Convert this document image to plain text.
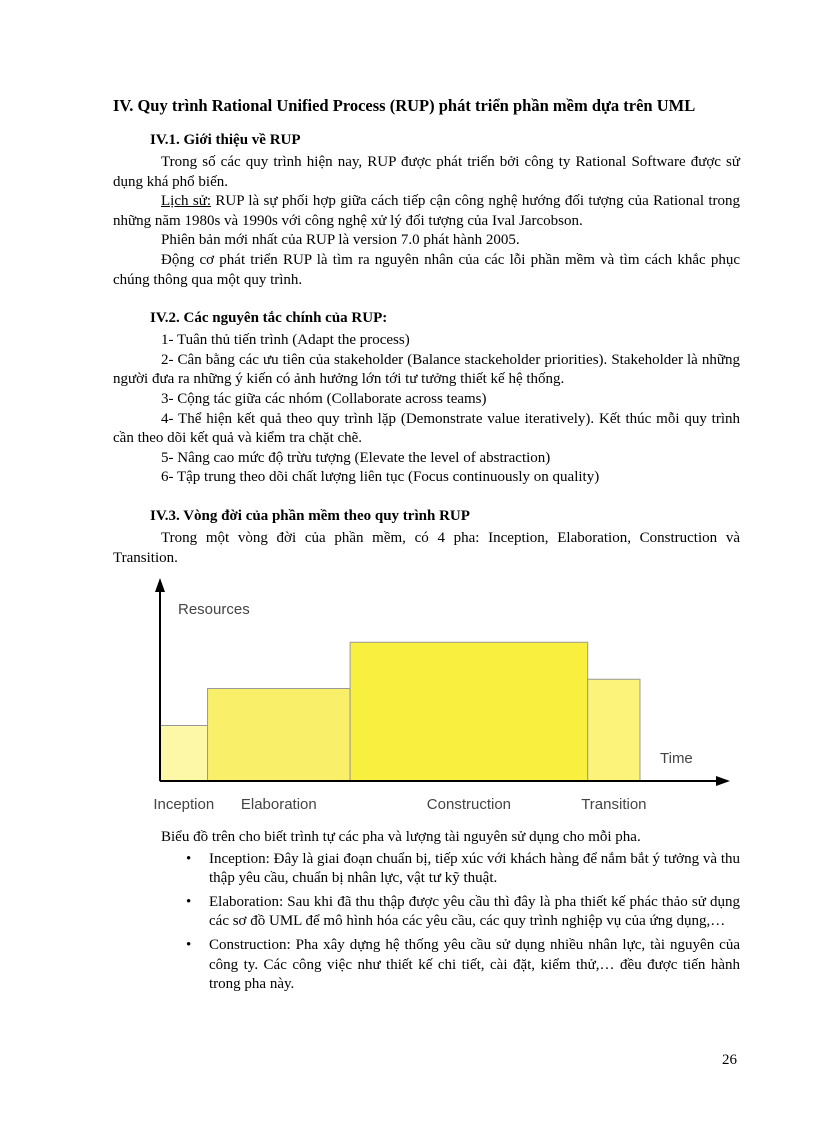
IV. Quy trình Rational Unified Process (RUP) phát triển phần mềm dựa trên UML
IV.1. Giới thiệu về RUP

Trong số các quy trình hiện nay, RUP được phát triển bởi công ty Rational Software được sử dụng khá phổ biến.

Lịch sử: RUP là sự phối hợp giữa cách tiếp cận công nghệ hướng đối tượng của Rational trong những năm 1980s và 1990s với công nghệ xử lý đối tượng của Ival Jarcobson.

Phiên bản mới nhất của RUP là version 7.0 phát hành 2005.

Động cơ phát triển RUP là tìm ra nguyên nhân của các lỗi phần mềm và tìm cách khắc phục chúng thông qua một quy trình.

IV.2. Các nguyên tắc chính của RUP:

1- Tuân thủ tiến trình (Adapt the process)

2- Cân bằng các ưu tiên của stakeholder (Balance stackeholder priorities). Stakeholder là những người đưa ra những ý kiến có ảnh hưởng lớn tới tư tưởng thiết kế hệ thống.

3- Cộng tác giữa các nhóm (Collaborate across teams)

4- Thể hiện kết quả theo quy trình lặp (Demonstrate value iteratively). Kết thúc mỗi quy trình cần theo dõi kết quả và kiểm tra chặt chẽ.

5- Nâng cao mức độ trừu tượng (Elevate the level of abstraction)

6- Tập trung theo dõi chất lượng liên tục (Focus continuously on quality)

IV.3. Vòng đời của phần mềm theo quy trình RUP

Trong một vòng đời của phần mềm, có 4 pha: Inception, Elaboration, Construction và Transition.

Inception Elaboration	Construction	Transition
Resources
Time

Biểu đồ trên cho biết trình tự các pha và lượng tài nguyên sử dụng cho mỗi pha.

• Inception: Đây là giai đoạn chuẩn bị, tiếp xúc với khách hàng để nắm bắt ý tưởng và thu thập yêu cầu, chuẩn bị nhân lực, vật tư kỹ thuật.
• Elaboration: Sau khi đã thu thập được yêu cầu thì đây là pha thiết kế phác thảo sử dụng các sơ đồ UML để mô hình hóa các yêu cầu, các quy trình nghiệp vụ của ứng dụng,…
• Construction: Pha xây dựng hệ thống yêu cầu sử dụng nhiều nhân lực, tài nguyên của công ty. Các công việc như thiết kế chi tiết, cài đặt, kiểm thử,… đều được tiến hành trong pha này.
26
